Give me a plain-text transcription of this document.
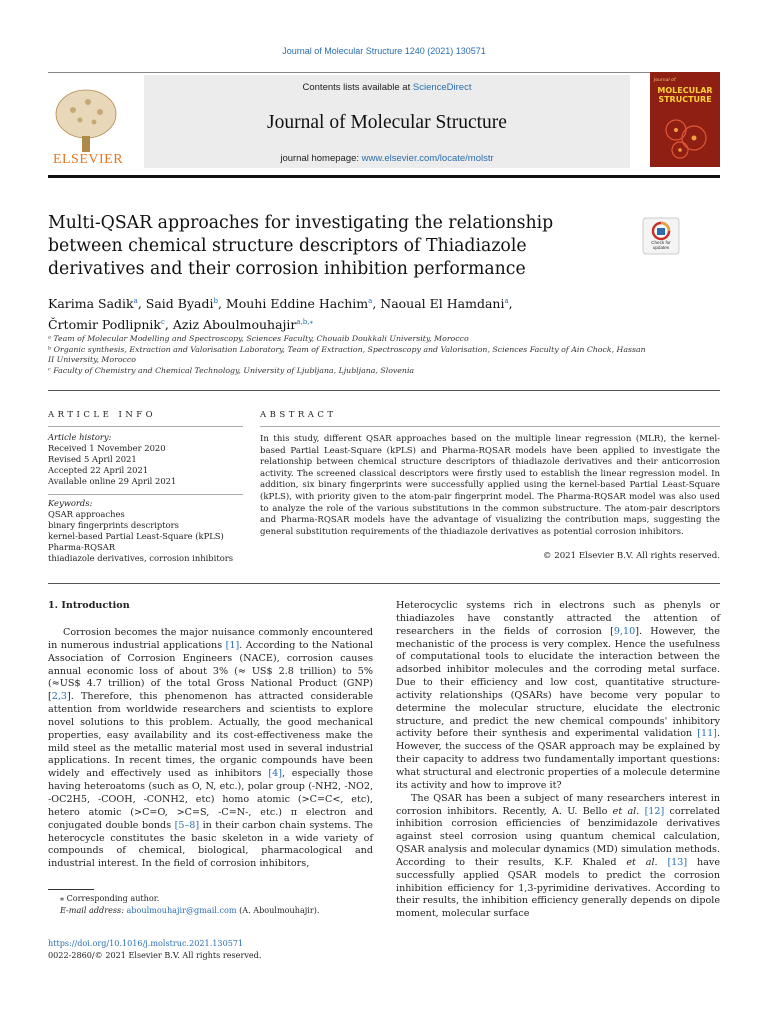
Journal of Molecular Structure 1240 (2021) 130571
ELSEVIER
Contents lists available at ScienceDirect
Journal of Molecular Structure
journal homepage: www.elsevier.com/locate/molstr
Journal of
MOLECULAR
STRUCTURE
Multi-QSAR approaches for investigating the relationship between chemical structure descriptors of Thiadiazole derivatives and their corrosion inhibition performance
Check for
updates
Karima Sadik$^a$, Said Byadi$^b$, Mouhi Eddine Hachim$^a$, Naoual El Hamdani$^a$,
Črtomir Podlipnik$^c$, Aziz Aboulmouhajir$^{a,b,⁎}$
ᵃ Team of Molecular Modelling and Spectroscopy, Sciences Faculty, Chouaib Doukkali University, Morocco
ᵇ Organic synthesis, Extraction and Valorisation Laboratory, Team of Extraction, Spectroscopy and Valorisation, Sciences Faculty of Ain Chock, Hassan II University, Morocco
ᶜ Faculty of Chemistry and Chemical Technology, University of Ljubljana, Ljubljana, Slovenia
ARTICLE INFO	ABSTRACT
Article history:
Received 1 November 2020
Revised 5 April 2021
Accepted 22 April 2021
Available online 29 April 2021
Keywords:
QSAR approaches
binary fingerprints descriptors
kernel-based Partial Least-Square (kPLS)
Pharma-RQSAR
thiadiazole derivatives, corrosion inhibitors
In this study, different QSAR approaches based on the multiple linear regression (MLR), the kernel-based Partial Least-Square (kPLS) and Pharma-RQSAR models have been applied to investigate the relationship between chemical structure descriptors of thiadiazole derivatives and their anticorrosion activity. The screened classical descriptors were firstly used to establish the linear regression model. In addition, six binary fingerprints were successfully applied using the kernel-based Partial Least-Square (kPLS), with priority given to the atom-pair fingerprint model. The Pharma-RQSAR model was also used to analyze the role of the various substitutions in the common substructure. The atom-pair descriptors and Pharma-RQSAR models have the advantage of visualizing the contribution maps, suggesting the general substitution requirements of the thiadiazole derivatives as potential corrosion inhibitors.
© 2021 Elsevier B.V. All rights reserved.
1. Introduction

Corrosion becomes the major nuisance commonly encountered in numerous industrial applications [1]. According to the National Association of Corrosion Engineers (NACE), corrosion causes annual economic loss of about 3% (≈ US$ 2.8 trillion) to 5% (≈US$ 4.7 trillion) of the total Gross National Product (GNP) [2,3]. Therefore, this phenomenon has attracted considerable attention from worldwide researchers and scientists to explore novel solutions to this problem. Actually, the good mechanical properties, easy availability and its cost-effectiveness make the mild steel as the metallic material most used in several industrial applications. In recent times, the organic compounds have been widely and effectively used as inhibitors [4], especially those having heteroatoms (such as O, N, etc.), polar group (-NH2, -NO2, -OC2H5, -COOH, -CONH2, etc) homo atomic (>C=C<, etc), hetero atomic (>C=O, >C=S, -C=N-, etc.) π electron and conjugated double bonds [5–8] in their carbon chain systems. The heterocycle constitutes the basic skeleton in a wide variety of compounds of chemical, biological, pharmacological and industrial interest. In the field of corrosion inhibitors,

Heterocyclic systems rich in electrons such as phenyls or thiadiazoles have constantly attracted the attention of researchers in the fields of corrosion [9,10]. However, the mechanistic of the process is very complex. Hence the usefulness of computational tools to elucidate the interaction between the adsorbed inhibitor molecules and the corroding metal surface. Due to their efficiency and low cost, quantitative structure-activity relationships (QSARs) have become very popular to determine the molecular structure, elucidate the electronic structure, and predict the new chemical compounds' inhibitory activity before their synthesis and experimental validation [11]. However, the success of the QSAR approach may be explained by their capacity to address two fundamentally important questions: what structural and electronic properties of a molecule determine its activity and how to improve it?

The QSAR has been a subject of many researchers interest in corrosion inhibitors. Recently, A. U. Bello et al. [12] correlated inhibition corrosion efficiencies of benzimidazole derivatives against steel corrosion using quantum chemical calculation, QSAR analysis and molecular dynamics (MD) simulation methods. According to their results, K.F. Khaled et al. [13] have successfully applied QSAR models to predict the corrosion inhibition efficiency for 1,3-pyrimidine derivatives. According to their results, the inhibition efficiency generally depends on dipole moment, molecular surface

⁎ Corresponding author.
E-mail address: aboulmouhajir@gmail.com (A. Aboulmouhajir).
https://doi.org/10.1016/j.molstruc.2021.130571
0022-2860/© 2021 Elsevier B.V. All rights reserved.
